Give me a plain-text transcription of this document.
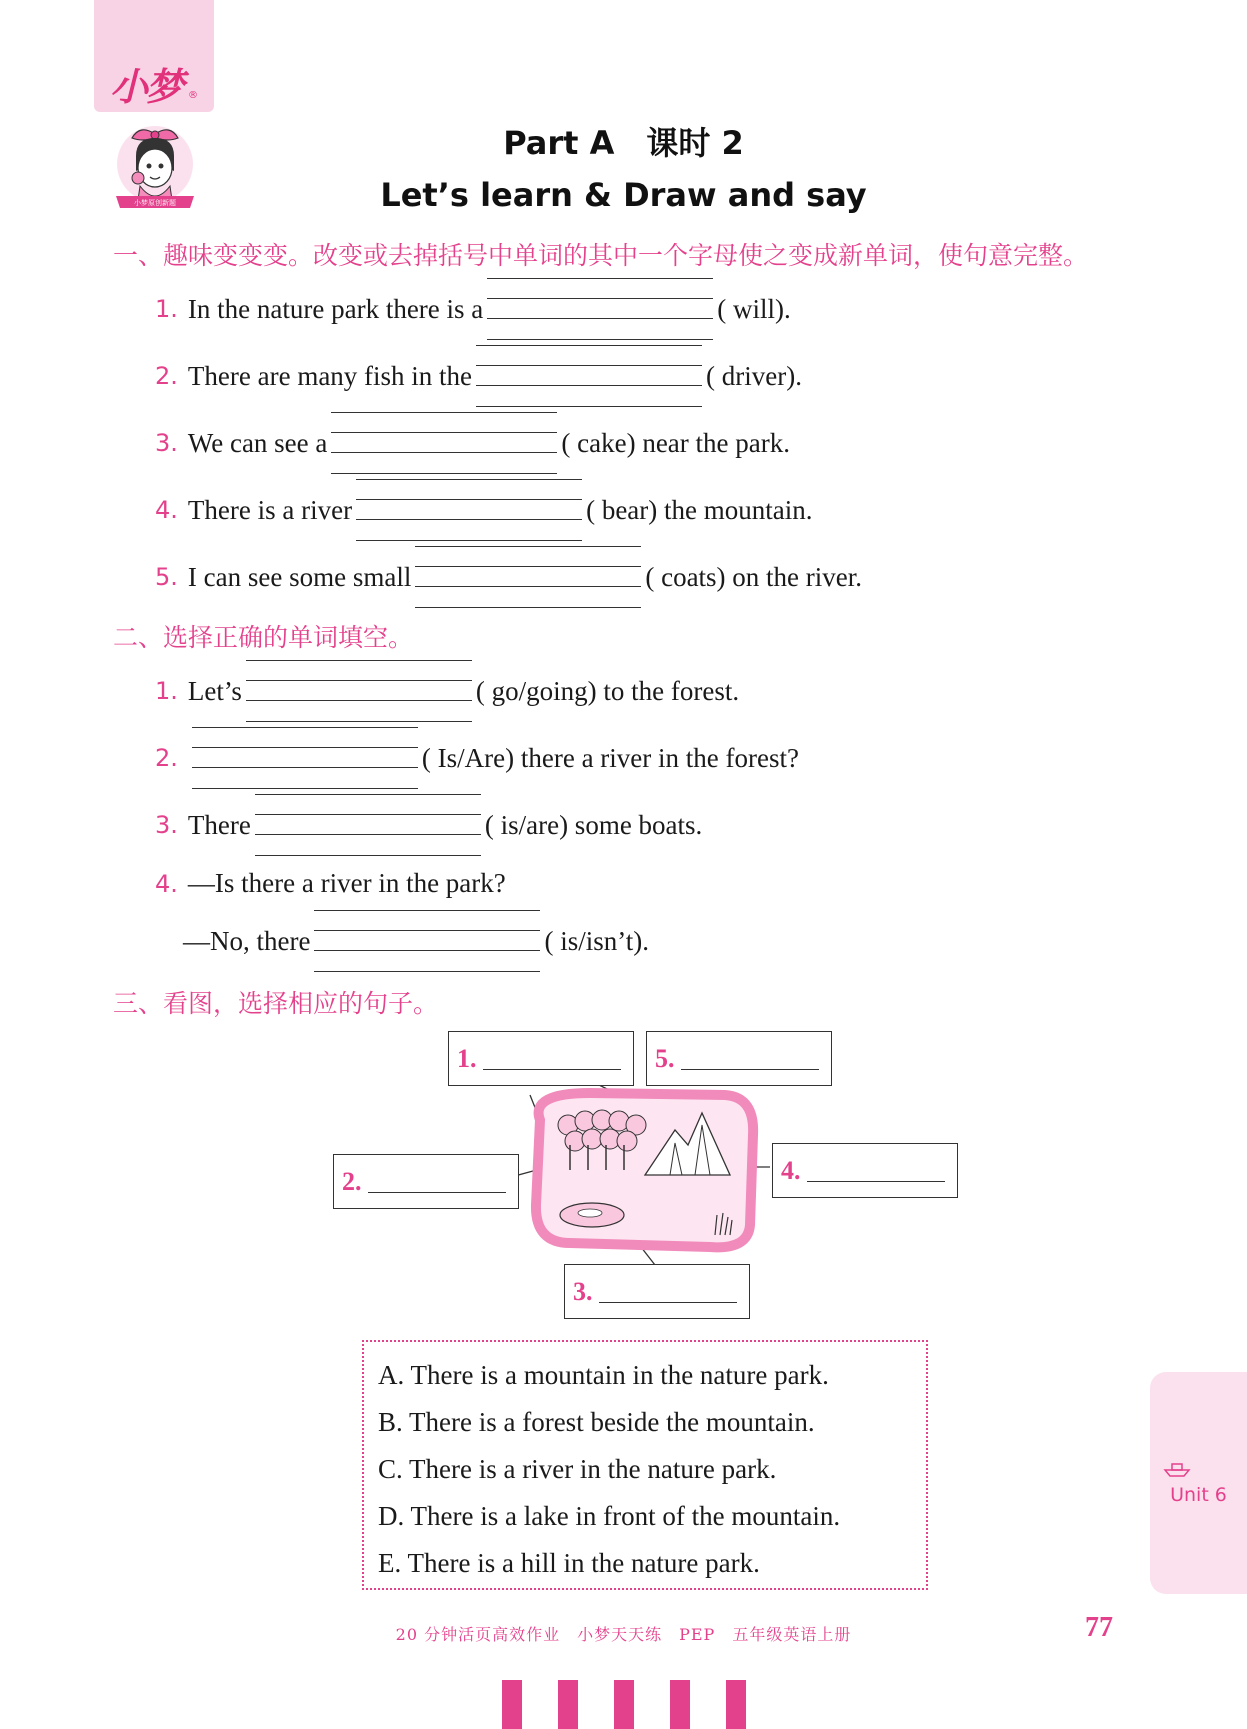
小梦 ®
小梦原创新题
Part A　课时 2
Let’s learn & Draw and say
一、趣味变变变。改变或去掉括号中单词的其中一个字母使之变成新单词，使句意完整。
1. In the nature park there is a	( will).
2. There are many fish in the	( driver).
3. We can see a	( cake) near the park.
4. There is a river	( bear) the mountain.
5. I can see some small	( coats) on the river.
二、选择正确的单词填空。
1. Let’s	( go/going) to the forest.
2.	( Is/Are) there a river in the forest?
3. There	( is/are) some boats.
4. —Is there a river in the park?
—No, there	( is/isn’t).
三、看图，选择相应的句子。
1.	5.
2.	4.
3.
A. There is a mountain in the nature park.
B. There is a forest beside the mountain.
C. There is a river in the nature park.
D. There is a lake in front of the mountain.
E. There is a hill in the nature park.
Unit 6
20 分钟活页高效作业　小梦天天练　PEP　五年级英语上册	77
